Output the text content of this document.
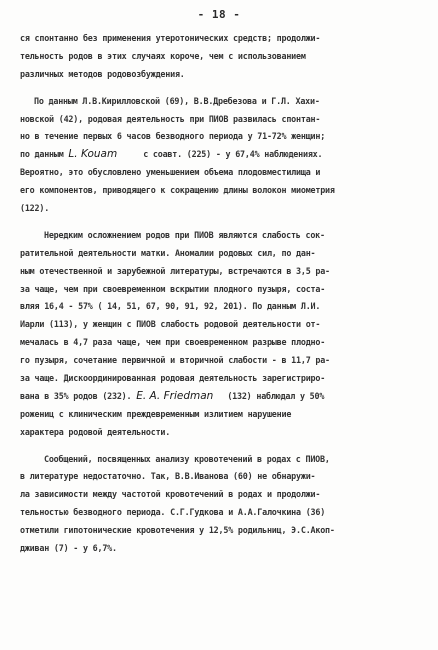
- 18 -
ся спонтанно без применения утеротонических средств; продолжи-
тельность родов в этих случаях короче, чем с использованием
различных методов родовозбуждения.
По данным Л.В.Кирилловской (69), В.В.Дребезова и Г.Л. Хахи-
новской (42), родовая деятельность при ПИОВ развилась спонтан-
но в течение первых 6 часов безводного периода у 71-72% женщин;
по данным L. Kouam	с соавт. (225) - у 67,4% наблюдениях.
Вероятно, это обусловлено уменьшением объема плодовместилища и
его компонентов, приводящего к сокращению длины волокон миометрия
(122).
Нередким осложнением родов при ПИОВ являются слабость сок-
ратительной деятельности матки. Аномалии родовых сил, по дан-
ным отечественной и зарубежной литературы, встречаются в 3,5 ра-
за чаще, чем при своевременном вскрытии плодного пузыря, соста-
вляя 16,4 - 57% ( 14, 51, 67, 90, 91, 92, 201). По данным Л.И.
Иарли (113), у женщин с ПИОВ слабость родовой деятельности от-
мечалась в 4,7 раза чаще, чем при своевременном разрыве плодно-
го пузыря, сочетание первичной и вторичной слабости - в 11,7 ра-
за чаще. Дискоординированная родовая деятельность зарегистриро-
вана в 35% родов (232). E. A. Friedman (132) наблюдал у 50%
рожениц с клиническим преждевременным излитием нарушение
характера родовой деятельности.
Сообщений, посвященных анализу кровотечений в родах с ПИОВ,
в литературе недостаточно. Так, В.В.Иванова (60) не обнаружи-
ла зависимости между частотой кровотечений в родах и продолжи-
тельностью безводного периода. С.Г.Гудкова и А.А.Галочкина (36)
отметили гипотонические кровотечения у 12,5% родильниц, Э.С.Акоп-
дживан (7) - у 6,7%.
